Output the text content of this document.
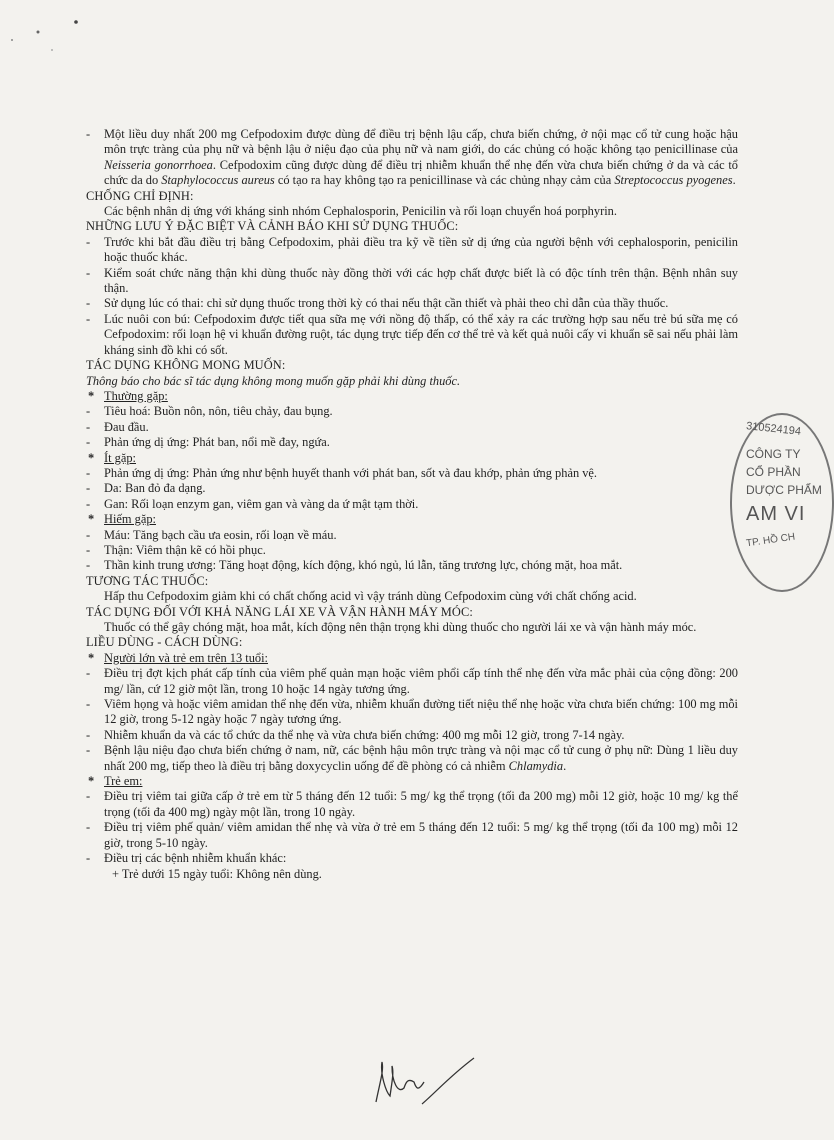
- Một liều duy nhất 200 mg Cefpodoxim được dùng để điều trị bệnh lậu cấp, chưa biến chứng, ở nội mạc cổ tử cung hoặc hậu môn trực tràng của phụ nữ và bệnh lậu ở niệu đạo của phụ nữ và nam giới, do các chủng có hoặc không tạo penicillinase của Neisseria gonorrhoea. Cefpodoxim cũng được dùng để điều trị nhiễm khuẩn thể nhẹ đến vừa chưa biến chứng ở da và các tổ chức da do Staphylococcus aureus có tạo ra hay không tạo ra penicillinase và các chủng nhạy cảm của Streptococcus pyogenes.

CHỐNG CHỈ ĐỊNH:

Các bệnh nhân dị ứng với kháng sinh nhóm Cephalosporin, Penicilin và rối loạn chuyển hoá porphyrin.

NHỮNG LƯU Ý ĐẶC BIỆT VÀ CẢNH BÁO KHI SỬ DỤNG THUỐC:

- Trước khi bắt đầu điều trị bằng Cefpodoxim, phải điều tra kỹ về tiền sử dị ứng của người bệnh với cephalosporin, penicilin hoặc thuốc khác.

- Kiểm soát chức năng thận khi dùng thuốc này đồng thời với các hợp chất được biết là có độc tính trên thận. Bệnh nhân suy thận.

- Sử dụng lúc có thai: chỉ sử dụng thuốc trong thời kỳ có thai nếu thật cần thiết và phải theo chỉ dẫn của thầy thuốc.

- Lúc nuôi con bú: Cefpodoxim được tiết qua sữa mẹ với nồng độ thấp, có thể xảy ra các trường hợp sau nếu trẻ bú sữa mẹ có Cefpodoxim: rối loạn hệ vi khuẩn đường ruột, tác dụng trực tiếp đến cơ thể trẻ và kết quả nuôi cấy vi khuẩn sẽ sai nếu phải làm kháng sinh đồ khi có sốt.

TÁC DỤNG KHÔNG MONG MUỐN:

Thông báo cho bác sĩ tác dụng không mong muốn gặp phải khi dùng thuốc.

* Thường gặp:

- Tiêu hoá: Buồn nôn, nôn, tiêu chảy, đau bụng.

- Đau đầu.

- Phản ứng dị ứng: Phát ban, nổi mề đay, ngứa.

* Ít gặp:

- Phản ứng dị ứng: Phản ứng như bệnh huyết thanh với phát ban, sốt và đau khớp, phản ứng phản vệ.

- Da: Ban đỏ đa dạng.

- Gan: Rối loạn enzym gan, viêm gan và vàng da ứ mật tạm thời.

* Hiếm gặp:

- Máu: Tăng bạch cầu ưa eosin, rối loạn về máu.

- Thận: Viêm thận kẽ có hồi phục.

- Thần kinh trung ương: Tăng hoạt động, kích động, khó ngủ, lú lẫn, tăng trương lực, chóng mặt, hoa mắt.

TƯƠNG TÁC THUỐC:

Hấp thu Cefpodoxim giảm khi có chất chống acid vì vậy tránh dùng Cefpodoxim cùng với chất chống acid.

TÁC DỤNG ĐỐI VỚI KHẢ NĂNG LÁI XE VÀ VẬN HÀNH MÁY MÓC:

Thuốc có thể gây chóng mặt, hoa mắt, kích động nên thận trọng khi dùng thuốc cho người lái xe và vận hành máy móc.

LIỀU DÙNG - CÁCH DÙNG:

* Người lớn và trẻ em trên 13 tuổi:

- Điều trị đợt kịch phát cấp tính của viêm phế quản mạn hoặc viêm phổi cấp tính thể nhẹ đến vừa mắc phải của cộng đồng: 200 mg/ lần, cứ 12 giờ một lần, trong 10 hoặc 14 ngày tương ứng.

- Viêm họng và hoặc viêm amidan thể nhẹ đến vừa, nhiễm khuẩn đường tiết niệu thể nhẹ hoặc vừa chưa biến chứng: 100 mg mỗi 12 giờ, trong 5-12 ngày hoặc 7 ngày tương ứng.

- Nhiễm khuẩn da và các tổ chức da thể nhẹ và vừa chưa biến chứng: 400 mg mỗi 12 giờ, trong 7-14 ngày.

- Bệnh lậu niệu đạo chưa biến chứng ở nam, nữ, các bệnh hậu môn trực tràng và nội mạc cổ tử cung ở phụ nữ: Dùng 1 liều duy nhất 200 mg, tiếp theo là điều trị bằng doxycyclin uống để đề phòng có cả nhiễm Chlamydia.

* Trẻ em:

- Điều trị viêm tai giữa cấp ở trẻ em từ 5 tháng đến 12 tuổi: 5 mg/ kg thể trọng (tối đa 200 mg) mỗi 12 giờ, hoặc 10 mg/ kg thể trọng (tối đa 400 mg) ngày một lần, trong 10 ngày.

- Điều trị viêm phế quản/ viêm amidan thể nhẹ và vừa ở trẻ em 5 tháng đến 12 tuổi: 5 mg/ kg thể trọng (tối đa 100 mg) mỗi 12 giờ, trong 5-10 ngày.

- Điều trị các bệnh nhiễm khuẩn khác:

+ Trẻ dưới 15 ngày tuổi: Không nên dùng.

310524194
CÔNG TY
CỔ PHẦN
DƯỢC PHẨM
AM VI
TP. HỒ CH
